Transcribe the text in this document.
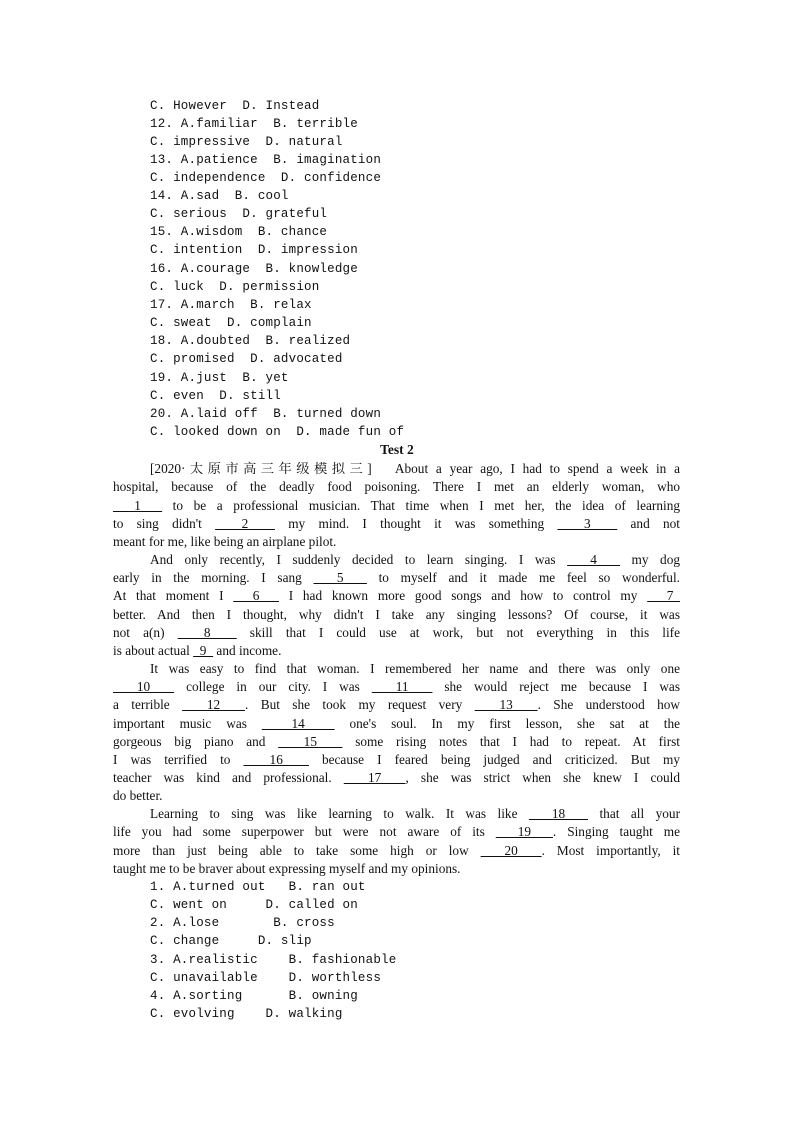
C. However  D. Instead
12. A.familiar  B. terrible
C. impressive  D. natural
13. A.patience  B. imagination
C. independence  D. confidence
14. A.sad  B. cool
C. serious  D. grateful
15. A.wisdom  B. chance
C. intention  D. impression
16. A.courage  B. knowledge
C. luck  D. permission
17. A.march  B. relax
C. sweat  D. complain
18. A.doubted  B. realized
C. promised  D. advocated
19. A.just  B. yet
C. even  D. still
20. A.laid off  B. turned down
C. looked down on  D. made fun of
Test 2
[2020·太原市高三年级模拟三] About a year ago, I had to spend a week in a
hospital, because of the deadly food poisoning. There I met an elderly woman, who
1   to be a professional musician. That time when I met her, the idea of learning
to sing didn't   2   my mind. I thought it was something   3   and not
meant for me, like being an airplane pilot.
And only recently, I suddenly decided to learn singing. I was   4   my dog
early in the morning. I sang   5   to myself and it made me feel so wonderful.
At that moment I   6   I had known more good songs and how to control my   7
better. And then I thought, why didn't I take any singing lessons? Of course, it was
not a(n)   8   skill that I could use at work, but not everything in this life
is about actual   9   and income.
It was easy to find that woman. I remembered her name and there was only one
10   college in our city. I was   11   she would reject me because I was
a terrible   12  . But she took my request very   13  . She understood how
important music was   14   one's soul. In my first lesson, she sat at the
gorgeous big piano and   15   some rising notes that I had to repeat. At first
I was terrified to   16   because I feared being judged and criticized. But my
teacher was kind and professional.   17  , she was strict when she knew I could
do better.
Learning to sing was like learning to walk. It was like   18   that all your
life you had some superpower but were not aware of its   19  . Singing taught me
more than just being able to take some high or low   20  . Most importantly, it
taught me to be braver about expressing myself and my opinions.
1. A.turned out   B. ran out
C. went on     D. called on
2. A.lose       B. cross
C. change     D. slip
3. A.realistic    B. fashionable
C. unavailable    D. worthless
4. A.sorting      B. owning
C. evolving    D. walking
